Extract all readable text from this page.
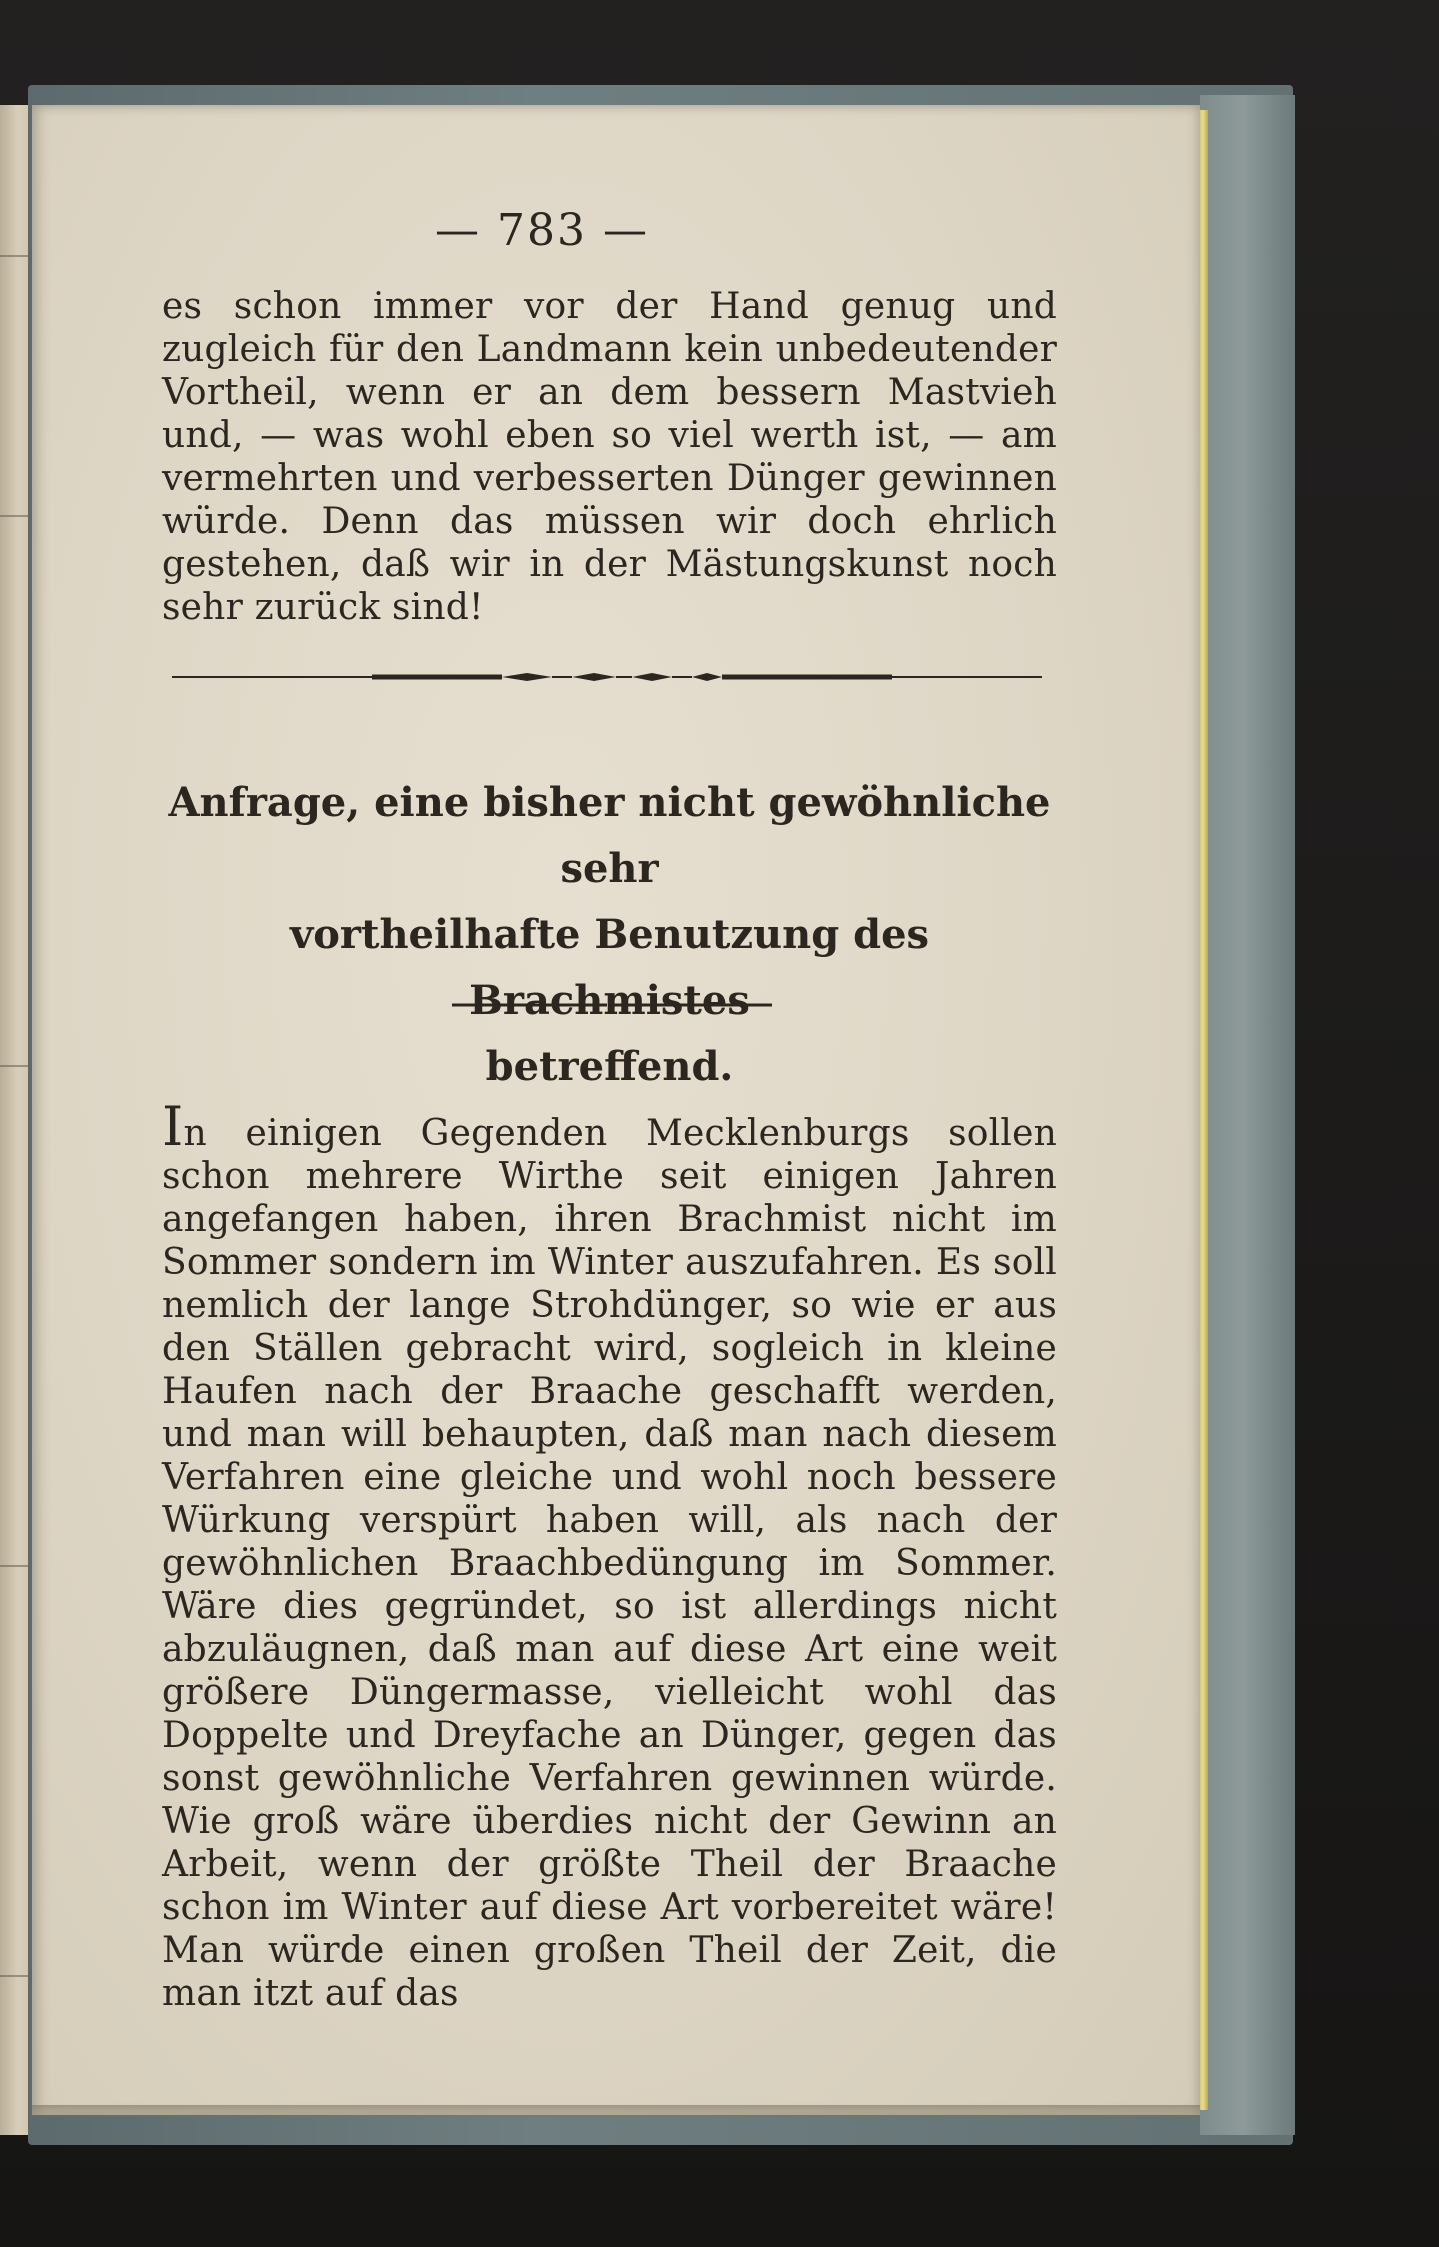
— 783 —

es schon immer vor der Hand genug und zugleich für den Landmann kein unbedeutender Vortheil, wenn er an dem bessern Mastvieh und, — was wohl eben so viel werth ist, — am vermehrten und verbesserten Dünger gewinnen würde. Denn das müssen wir doch ehrlich gestehen, daß wir in der Mästungskunst noch sehr zurück sind!

Anfrage, eine bisher nicht gewöhnliche sehr
vortheilhafte Benutzung des Brachmistes
betreffend.

In einigen Gegenden Mecklenburgs sollen schon mehrere Wirthe seit einigen Jahren angefangen haben, ihren Brachmist nicht im Sommer sondern im Winter auszufahren. Es soll nemlich der lange Strohdünger, so wie er aus den Ställen gebracht wird, sogleich in kleine Haufen nach der Braache geschafft werden, und man will behaupten, daß man nach diesem Verfahren eine gleiche und wohl noch bessere Würkung verspürt haben will, als nach der gewöhnlichen Braachbedüngung im Sommer. Wäre dies gegründet, so ist allerdings nicht abzuläugnen, daß man auf diese Art eine weit größere Düngermasse, vielleicht wohl das Doppelte und Dreyfache an Dünger, gegen das sonst gewöhnliche Verfahren gewinnen würde. Wie groß wäre überdies nicht der Gewinn an Arbeit, wenn der größte Theil der Braache schon im Winter auf diese Art vorbereitet wäre! Man würde einen großen Theil der Zeit, die man itzt auf das
